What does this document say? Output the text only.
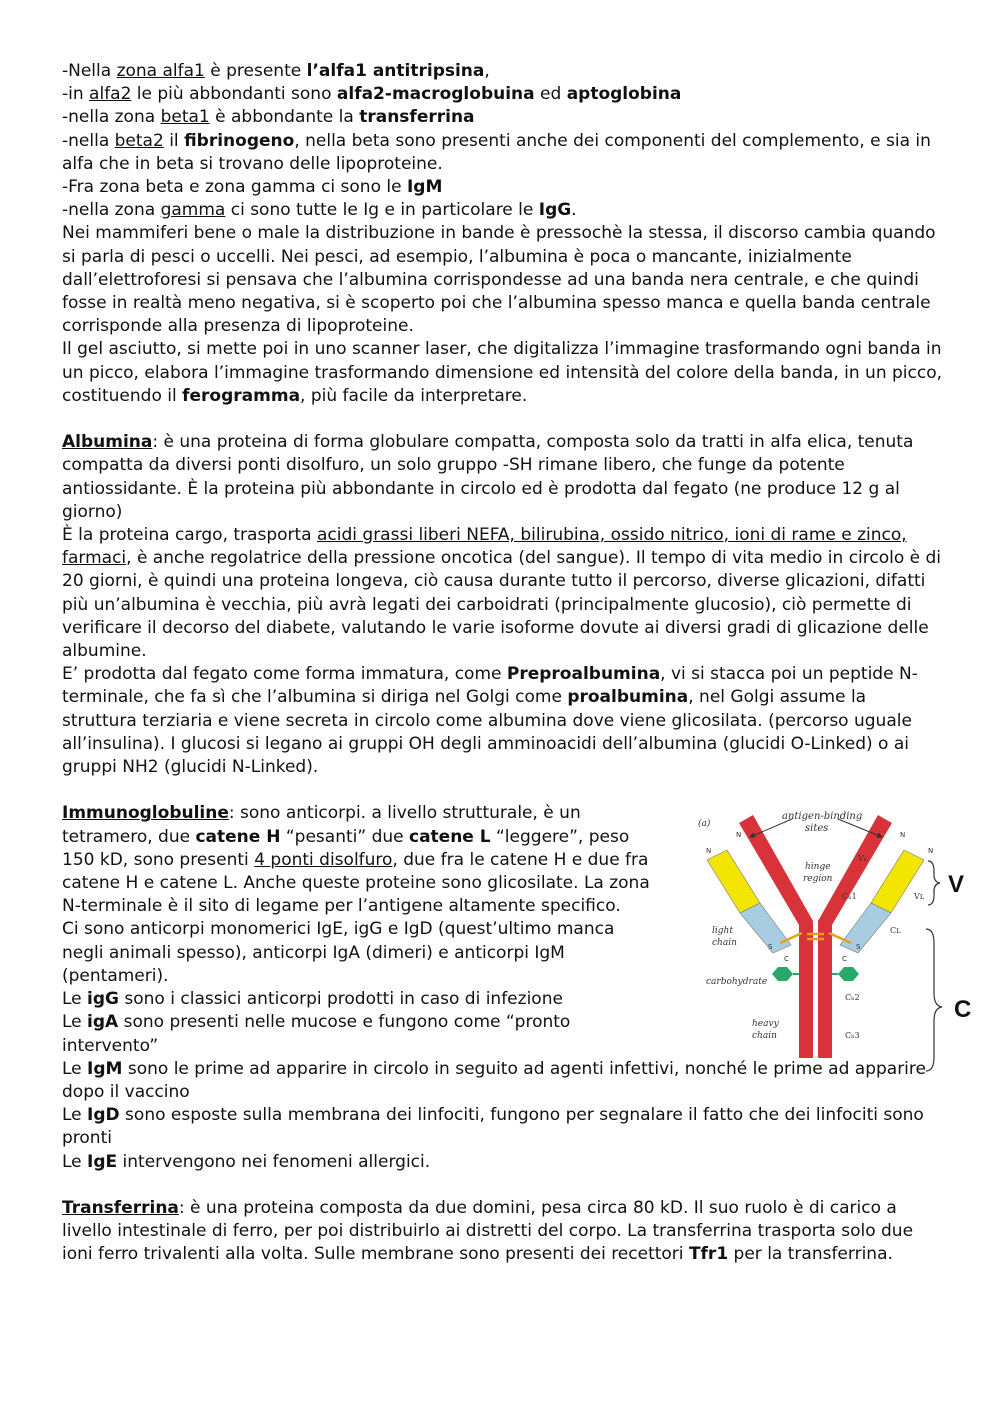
-Nella zona alfa1 è presente l’alfa1 antitripsina,

-in alfa2 le più abbondanti sono alfa2-macroglobuina ed aptoglobina

-nella zona beta1 è abbondante la transferrina

-nella beta2 il fibrinogeno, nella beta sono presenti anche dei componenti del complemento, e sia in alfa che in beta si trovano delle lipoproteine.

-Fra zona beta e zona gamma ci sono le IgM

-nella zona gamma ci sono tutte le Ig e in particolare le IgG.

Nei mammiferi bene o male la distribuzione in bande è pressochè la stessa, il discorso cambia quando si parla di pesci o uccelli. Nei pesci, ad esempio, l’albumina è poca o mancante, inizialmente dall’elettroforesi si pensava che l’albumina corrispondesse ad una banda nera centrale, e che quindi fosse in realtà meno negativa, si è scoperto poi che l’albumina spesso manca e quella banda centrale corrisponde alla presenza di lipoproteine.

Il gel asciutto, si mette poi in uno scanner laser, che digitalizza l’immagine trasformando ogni banda in un picco, elabora l’immagine trasformando dimensione ed intensità del colore della banda, in un picco, costituendo il ferogramma, più facile da interpretare.

Albumina: è una proteina di forma globulare compatta, composta solo da tratti in alfa elica, tenuta compatta da diversi ponti disolfuro, un solo gruppo -SH rimane libero, che funge da potente antiossidante. È la proteina più abbondante in circolo ed è prodotta dal fegato (ne produce 12 g al giorno)

È la proteina cargo, trasporta acidi grassi liberi NEFA, bilirubina, ossido nitrico, ioni di rame e zinco, farmaci, è anche regolatrice della pressione oncotica (del sangue). Il tempo di vita medio in circolo è di 20 giorni, è quindi una proteina longeva, ciò causa durante tutto il percorso, diverse glicazioni, difatti più un’albumina è vecchia, più avrà legati dei carboidrati (principalmente glucosio), ciò permette di verificare il decorso del diabete, valutando le varie isoforme dovute ai diversi gradi di glicazione delle albumine.

E’ prodotta dal fegato come forma immatura, come Preproalbumina, vi si stacca poi un peptide N-terminale, che fa sì che l’albumina si diriga nel Golgi come proalbumina, nel Golgi assume la struttura terziaria e viene secreta in circolo come albumina dove viene glicosilata. (percorso uguale all’insulina). I glucosi si legano ai gruppi OH degli amminoacidi dell’albumina (glucidi O-Linked) o ai gruppi NH2 (glucidi N-Linked).

Immunoglobuline: sono anticorpi. a livello strutturale, è un tetramero, due catene H “pesanti” due catene L “leggere”, peso 150 kD, sono presenti 4 ponti disolfuro, due fra le catene H e due fra catene H e catene L. Anche queste proteine sono glicosilate. La zona N-terminale è il sito di legame per l’antigene altamente specifico.

Ci sono anticorpi monomerici IgE, igG e IgD (quest’ultimo manca negli animali spesso), anticorpi IgA (dimeri) e anticorpi IgM (pentameri).

Le igG sono i classici anticorpi prodotti in caso di infezione

Le igA sono presenti nelle mucose e fungono come “pronto intervento”

Le IgM sono le prime ad apparire in circolo in seguito ad agenti infettivi, nonché le prime ad apparire dopo il vaccino

Le IgD sono esposte sulla membrana dei linfociti, fungono per segnalare il fatto che dei linfociti sono pronti

Le IgE intervengono nei fenomeni allergici.

Transferrina: è una proteina composta da due domini, pesa circa 80 kD. Il suo ruolo è di carico a livello intestinale di ferro, per poi distribuirlo ai distretti del corpo. La transferrina trasporta solo due ioni ferro trivalenti alla volta. Sulle membrane sono presenti dei recettori Tfr1 per la transferrina.

(a)
antigen-binding
sites
hinge
region
light
chain
carbohydrate
heavy
chain
N
N	N
N
S	S
C	C
Vₕ
Cₕ1	Vʟ
Cʟ
Cₕ2
Cₕ3
V
C
